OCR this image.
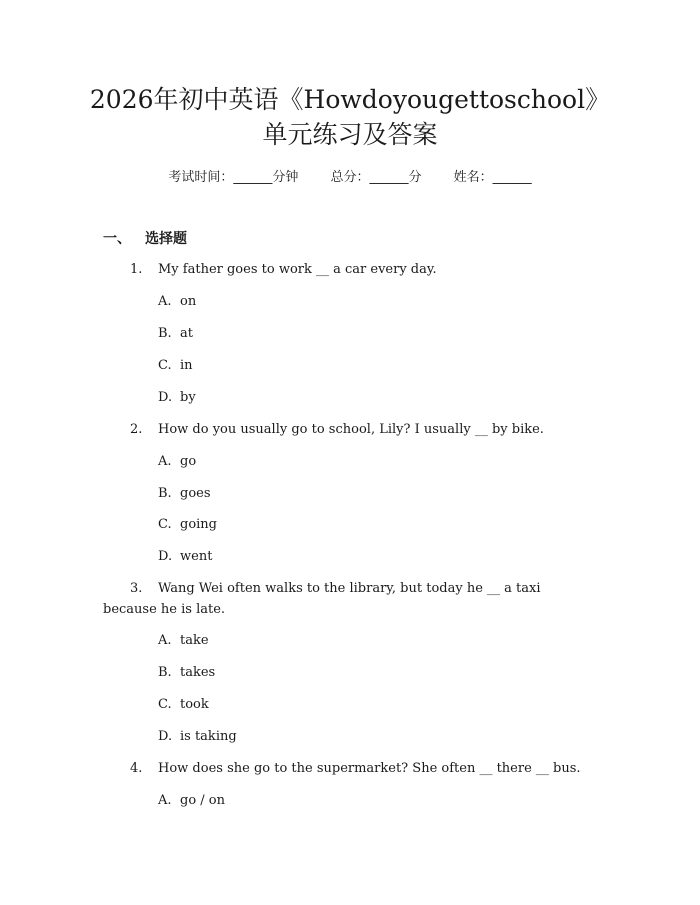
2026年初中英语《Howdoyougettoschool》
单元练习及答案
考试时间：______分钟 总分：______分 姓名：______
一、 选择题
1. My father goes to work __ a car every day.
A. on
B. at
C. in
D. by
2. How do you usually go to school, Lily? I usually __ by bike.
A. go
B. goes
C. going
D. went
3. Wang Wei often walks to the library, but today he __ a taxi
because he is late.
A. take
B. takes
C. took
D. is taking
4. How does she go to the supermarket? She often __ there __ bus.
A. go / on
